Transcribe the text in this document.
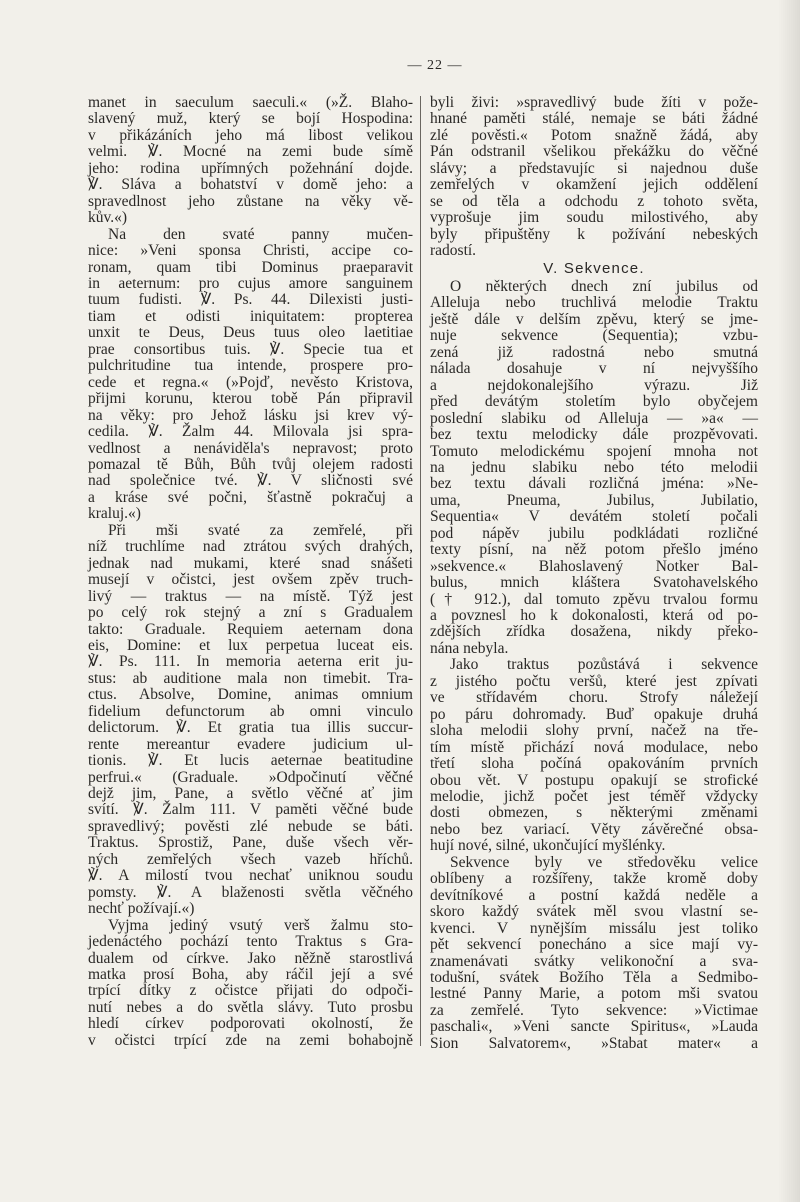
— 22 —
manet in saeculum saeculi.« (»Ž. Blaho-
slavený muž, který se bojí Hospodina:
v přikázáních jeho má libost velikou
velmi. ℣. Mocné na zemi bude símě
jeho: rodina upřímných požehnání dojde.
℣. Sláva a bohatství v domě jeho: a
spravedlnost jeho zůstane na věky vě-
kův.«)
Na den svaté panny mučen-
nice: »Veni sponsa Christi, accipe co-
ronam, quam tibi Dominus praeparavit
in aeternum: pro cujus amore sanguinem
tuum fudisti. ℣. Ps. 44. Dilexisti justi-
tiam et odisti iniquitatem: propterea
unxit te Deus, Deus tuus oleo laetitiae
prae consortibus tuis. ℣. Specie tua et
pulchritudine tua intende, prospere pro-
cede et regna.« (»Pojď, nevěsto Kristova,
přijmi korunu, kterou tobě Pán připravil
na věky: pro Jehož lásku jsi krev vý-
cedila. ℣. Žalm 44. Milovala jsi spra-
vedlnost a nenáviděla's nepravost; proto
pomazal tě Bůh, Bůh tvůj olejem radosti
nad společnice tvé. ℣. V sličnosti své
a kráse své počni, šťastně pokračuj a
kraluj.«)
Při mši svaté za zemřelé, při
níž truchlíme nad ztrátou svých drahých,
jednak nad mukami, které snad snášeti
musejí v očistci, jest ovšem zpěv truch-
livý — traktus — na místě. Týž jest
po celý rok stejný a zní s Gradualem
takto: Graduale. Requiem aeternam dona
eis, Domine: et lux perpetua luceat eis.
℣. Ps. 111. In memoria aeterna erit ju-
stus: ab auditione mala non timebit. Tra-
ctus. Absolve, Domine, animas omnium
fidelium defunctorum ab omni vinculo
delictorum. ℣. Et gratia tua illis succur-
rente mereantur evadere judicium ul-
tionis. ℣. Et lucis aeternae beatitudine
perfrui.« (Graduale. »Odpočinutí věčné
dejž jim, Pane, a světlo věčné ať jim
svítí. ℣. Žalm 111. V paměti věčné bude
spravedlivý; pověsti zlé nebude se báti.
Traktus. Sprostiž, Pane, duše všech věr-
ných zemřelých všech vazeb hříchů.
℣. A milostí tvou nechať uniknou soudu
pomsty. ℣. A blaženosti světla věčného
nechť požívají.«)
Vyjma jediný vsutý verš žalmu sto-
jedenáctého pochází tento Traktus s Gra-
dualem od církve. Jako něžně starostlivá
matka prosí Boha, aby ráčil její a své
trpící dítky z očistce přijati do odpoči-
nutí nebes a do světla slávy. Tuto prosbu
hledí církev podporovati okolností, že
v očistci trpící zde na zemi bohabojně
byli živi: »spravedlivý bude žíti v pože-
hnané paměti stálé, nemaje se báti žádné
zlé pověsti.« Potom snažně žádá, aby
Pán odstranil všelikou překážku do věčné
slávy; a představujíc si najednou duše
zemřelých v okamžení jejich oddělení
se od těla a odchodu z tohoto světa,
vyprošuje jim soudu milostivého, aby
byly připuštěny k požívání nebeských
radostí.
V. Sekvence.
O některých dnech zní jubilus od
Alleluja nebo truchlivá melodie Traktu
ještě dále v delším zpěvu, který se jme-
nuje sekvence (Sequentia); vzbu-
zená již radostná nebo smutná
nálada dosahuje v ní nejvyššího
a nejdokonalejšího výrazu. Již
před devátým stoletím bylo obyčejem
poslední slabiku od Alleluja — »a« —
bez textu melodicky dále prozpěvovati.
Tomuto melodickému spojení mnoha not
na jednu slabiku nebo této melodii
bez textu dávali rozličná jména: »Ne-
uma, Pneuma, Jubilus, Jubilatio,
Sequentia« V devátém století počali
pod nápěv jubilu podkládati rozličné
texty písní, na něž potom přešlo jméno
»sekvence.« Blahoslavený Notker Bal-
bulus, mnich kláštera Svatohavelského
(† 912.), dal tomuto zpěvu trvalou formu
a povznesl ho k dokonalosti, která od po-
zdějších zřídka dosažena, nikdy překo-
nána nebyla.
Jako traktus pozůstává i sekvence
z jistého počtu veršů, které jest zpívati
ve střídavém choru. Strofy náležejí
po páru dohromady. Buď opakuje druhá
sloha melodii slohy první, načež na tře-
tím místě přichází nová modulace, nebo
třetí sloha počíná opakováním prvních
obou vět. V postupu opakují se strofické
melodie, jichž počet jest téměř vždycky
dosti obmezen, s některými změnami
nebo bez variací. Věty závěrečné obsa-
hují nové, silné, ukončující myšlénky.
Sekvence byly ve středověku velice
oblíbeny a rozšířeny, takže kromě doby
devítníkové a postní každá neděle a
skoro každý svátek měl svou vlastní se-
kvenci. V nynějším missálu jest toliko
pět sekvencí ponecháno a sice mají vy-
znamenávati svátky velikonoční a sva-
todušní, svátek Božího Těla a Sedmibo-
lestné Panny Marie, a potom mši svatou
za zemřelé. Tyto sekvence: »Victimae
paschali«, »Veni sancte Spiritus«, »Lauda
Sion Salvatorem«, »Stabat mater« a
